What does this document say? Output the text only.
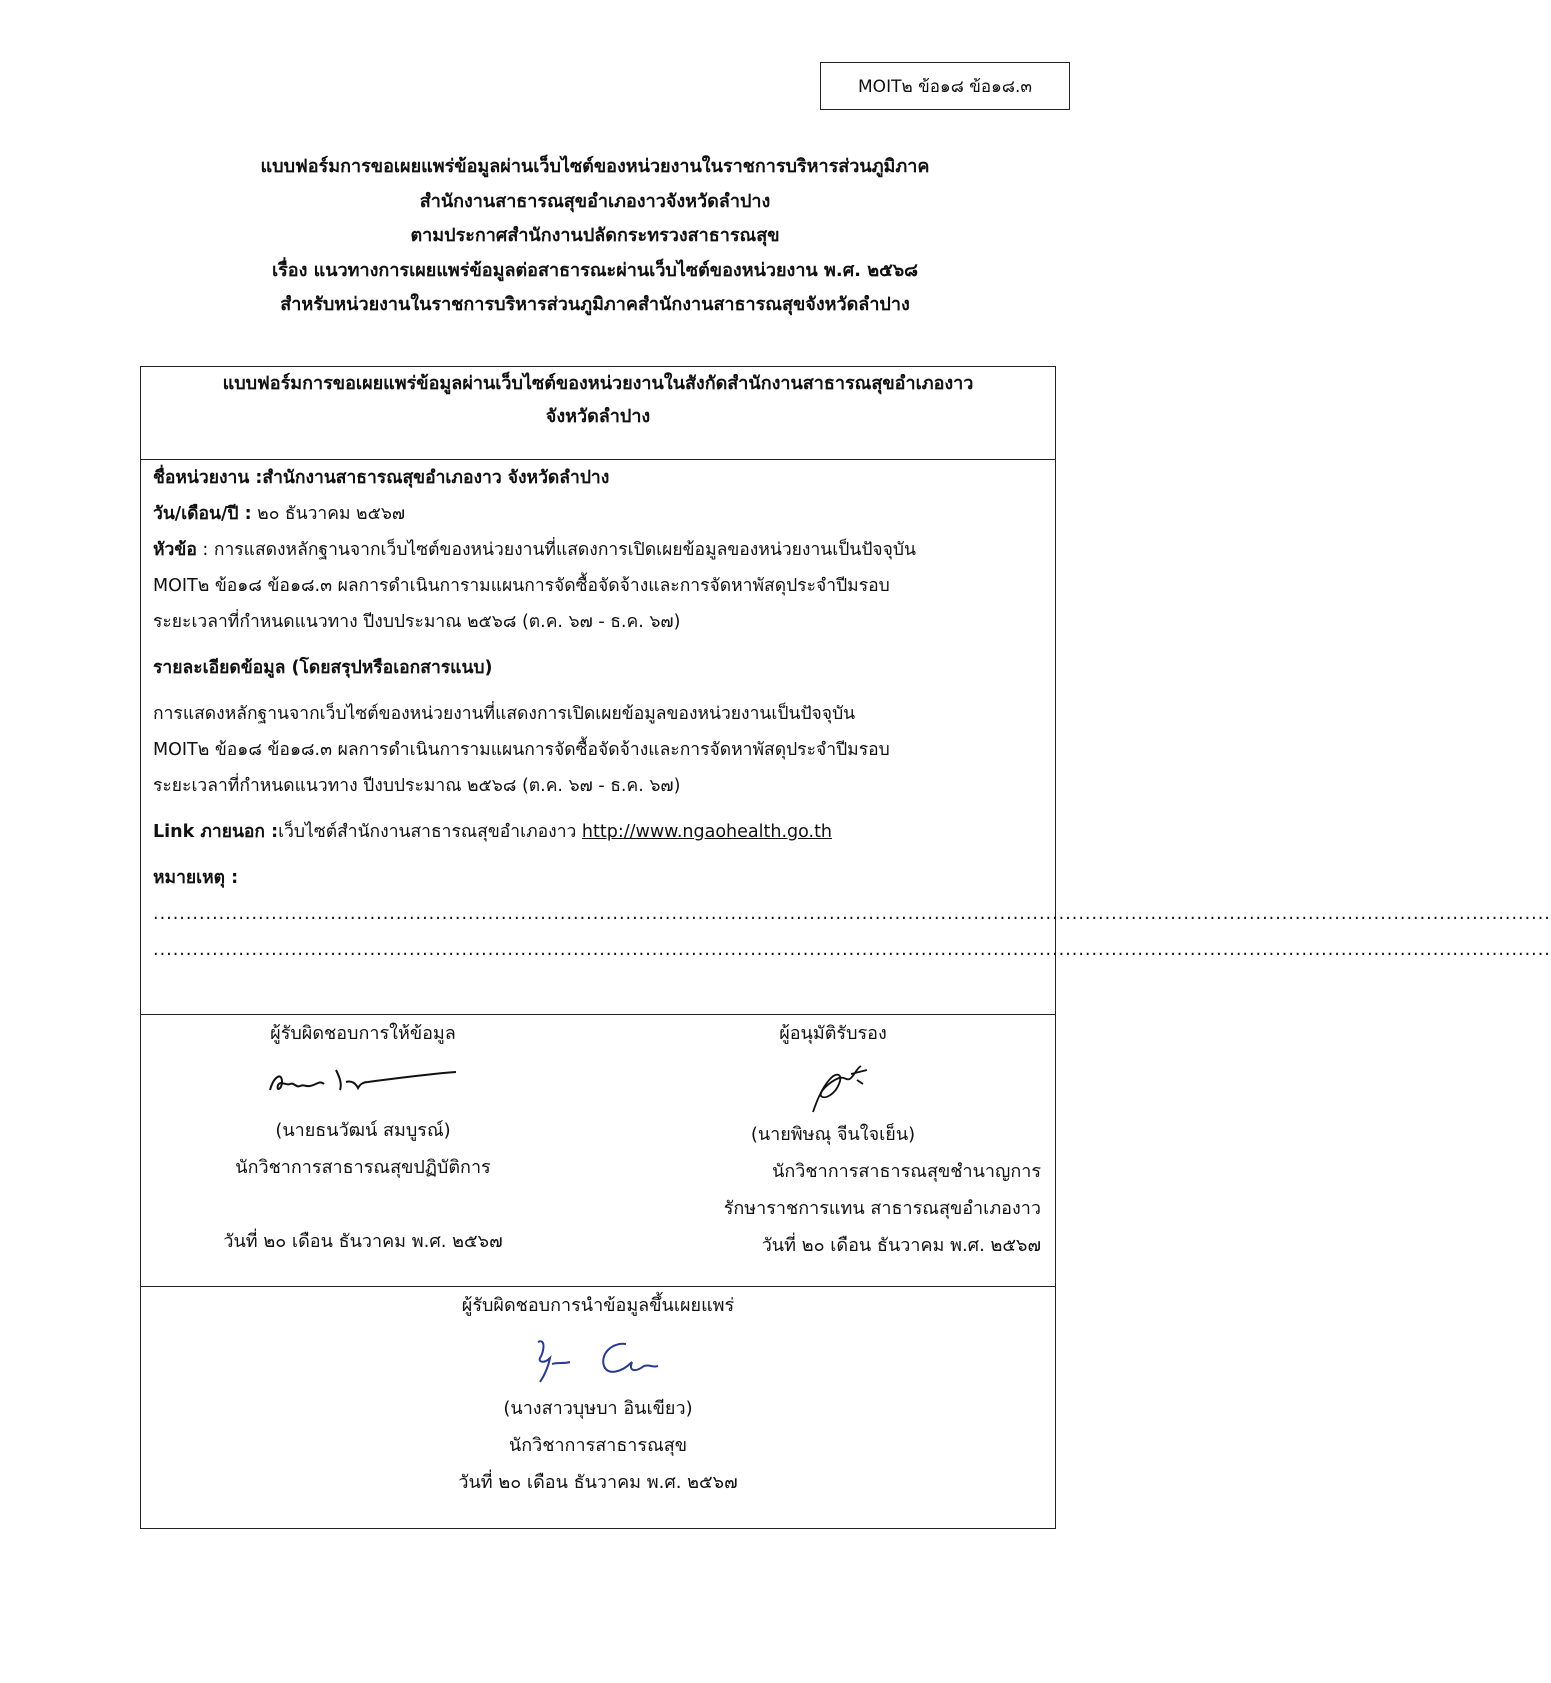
MOIT๒ ข้อ๑๘ ข้อ๑๘.๓
แบบฟอร์มการขอเผยแพร่ข้อมูลผ่านเว็บไซต์ของหน่วยงานในราชการบริหารส่วนภูมิภาค
สำนักงานสาธารณสุขอำเภองาวจังหวัดลำปาง
ตามประกาศสำนักงานปลัดกระทรวงสาธารณสุข
เรื่อง แนวทางการเผยแพร่ข้อมูลต่อสาธารณะผ่านเว็บไซต์ของหน่วยงาน พ.ศ. ๒๕๖๘
สำหรับหน่วยงานในราชการบริหารส่วนภูมิภาคสำนักงานสาธารณสุขจังหวัดลำปาง
แบบฟอร์มการขอเผยแพร่ข้อมูลผ่านเว็บไซต์ของหน่วยงานในสังกัดสำนักงานสาธารณสุขอำเภองาว
จังหวัดลำปาง

ชื่อหน่วยงาน :สำนักงานสาธารณสุขอำเภองาว จังหวัดลำปาง
วัน/เดือน/ปี : ๒๐ ธันวาคม ๒๕๖๗
หัวข้อ : การแสดงหลักฐานจากเว็บไซต์ของหน่วยงานที่แสดงการเปิดเผยข้อมูลของหน่วยงานเป็นปัจจุบัน
MOIT๒ ข้อ๑๘ ข้อ๑๘.๓ ผลการดำเนินการามแผนการจัดซื้อจัดจ้างและการจัดหาพัสดุประจำปีมรอบ
ระยะเวลาที่กำหนดแนวทาง ปีงบประมาณ ๒๕๖๘ (ต.ค. ๖๗ - ธ.ค. ๖๗)
รายละเอียดข้อมูล (โดยสรุปหรือเอกสารแนบ)
การแสดงหลักฐานจากเว็บไซต์ของหน่วยงานที่แสดงการเปิดเผยข้อมูลของหน่วยงานเป็นปัจจุบัน
MOIT๒ ข้อ๑๘ ข้อ๑๘.๓ ผลการดำเนินการามแผนการจัดซื้อจัดจ้างและการจัดหาพัสดุประจำปีมรอบ
ระยะเวลาที่กำหนดแนวทาง ปีงบประมาณ ๒๕๖๘ (ต.ค. ๖๗ - ธ.ค. ๖๗)
Link ภายนอก :เว็บไซต์สำนักงานสาธารณสุขอำเภองาว http://www.ngaohealth.go.th
หมายเหตุ :
.....................................................................................................................................................................................................................
.....................................................................................................................................................................................................................

ผู้รับผิดชอบการให้ข้อมูล
(นายธนวัฒน์ สมบูรณ์)
นักวิชาการสาธารณสุขปฏิบัติการ
วันที่ ๒๐ เดือน ธันวาคม พ.ศ. ๒๕๖๗
ผู้อนุมัติรับรอง
(นายพิษณุ จีนใจเย็น)
นักวิชาการสาธารณสุขชำนาญการ
รักษาราชการแทน สาธารณสุขอำเภองาว
วันที่ ๒๐ เดือน ธันวาคม พ.ศ. ๒๕๖๗

ผู้รับผิดชอบการนำข้อมูลขึ้นเผยแพร่
(นางสาวบุษบา อินเขียว)
นักวิชาการสาธารณสุข
วันที่ ๒๐ เดือน ธันวาคม พ.ศ. ๒๕๖๗
